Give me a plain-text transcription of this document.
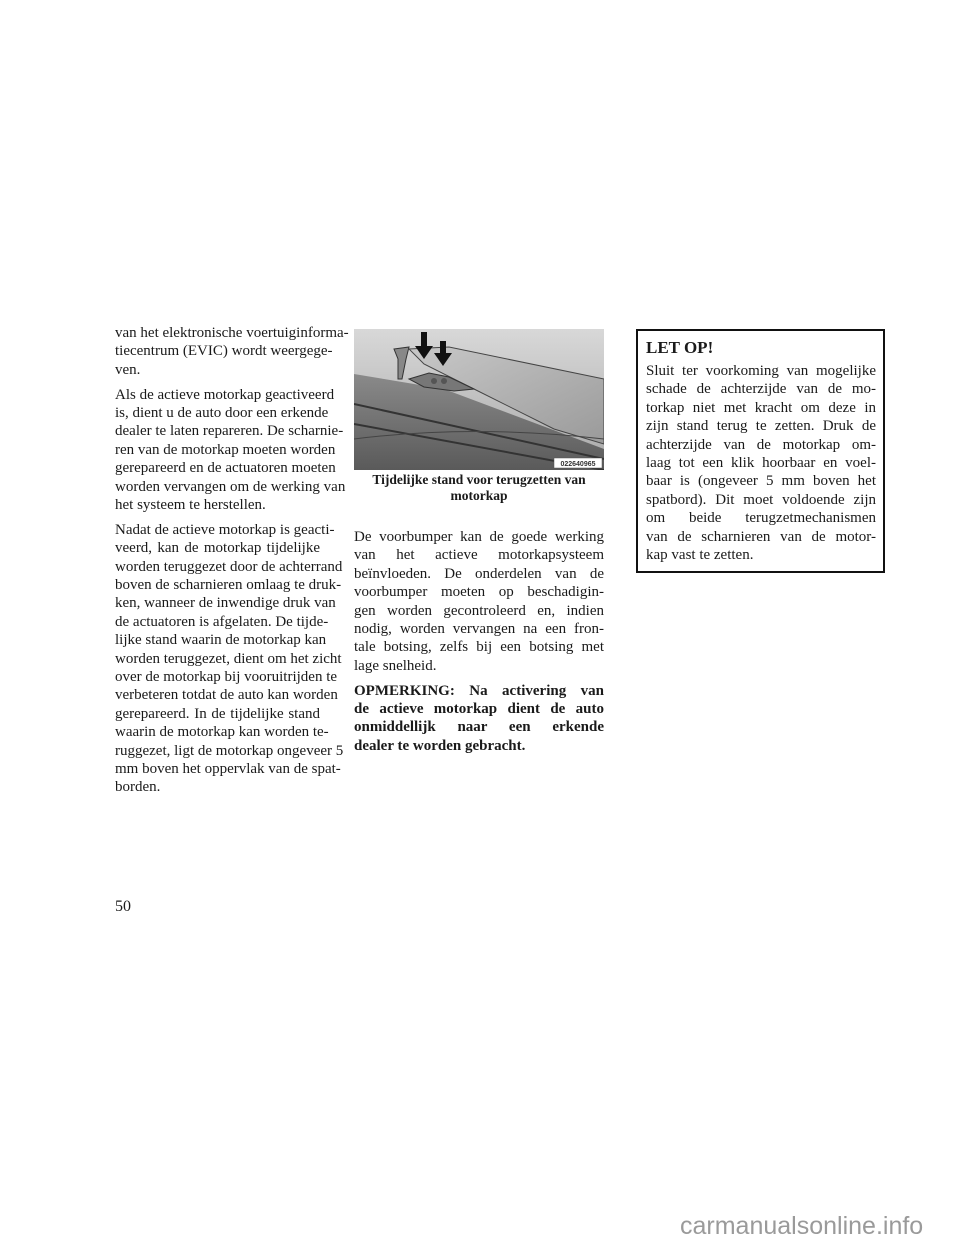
van het elektronische voertuiginforma-
tiecentrum (EVIC) wordt weergege-
ven.
Als de actieve motorkap geactiveerd
is, dient u de auto door een erkende
dealer te laten repareren. De scharnie-
ren van de motorkap moeten worden
gerepareerd en de actuatoren moeten
worden vervangen om de werking van
het systeem te herstellen.
Nadat de actieve motorkap is geacti-
veerd, kan de motorkap tijdelijke
worden teruggezet door de achterrand
boven de scharnieren omlaag te druk-
ken, wanneer de inwendige druk van
de actuatoren is afgelaten. De tijde-
lijke stand waarin de motorkap kan
worden teruggezet, dient om het zicht
over de motorkap bij vooruitrijden te
verbeteren totdat de auto kan worden
gerepareerd. In de tijdelijke stand
waarin de motorkap kan worden te-
ruggezet, ligt de motorkap ongeveer 5
mm boven het oppervlak van de spat-
borden.
022640965
Tijdelijke stand voor terugzetten van
motorkap
De voorbumper kan de goede werking
van het actieve motorkapsysteem
beïnvloeden. De onderdelen van de
voorbumper moeten op beschadigin-
gen worden gecontroleerd en, indien
nodig, worden vervangen na een fron-
tale botsing, zelfs bij een botsing met
lage snelheid.
OPMERKING: Na activering van
de actieve motorkap dient de auto
onmiddellijk naar een erkende
dealer te worden gebracht.
LET OP!
Sluit ter voorkoming van mogelijke
schade de achterzijde van de mo-
torkap niet met kracht om deze in
zijn stand terug te zetten. Druk de
achterzijde van de motorkap om-
laag tot een klik hoorbaar en voel-
baar is (ongeveer 5 mm boven het
spatbord). Dit moet voldoende zijn
om beide terugzetmechanismen
van de scharnieren van de motor-
kap vast te zetten.
50
carmanualsonline.info
